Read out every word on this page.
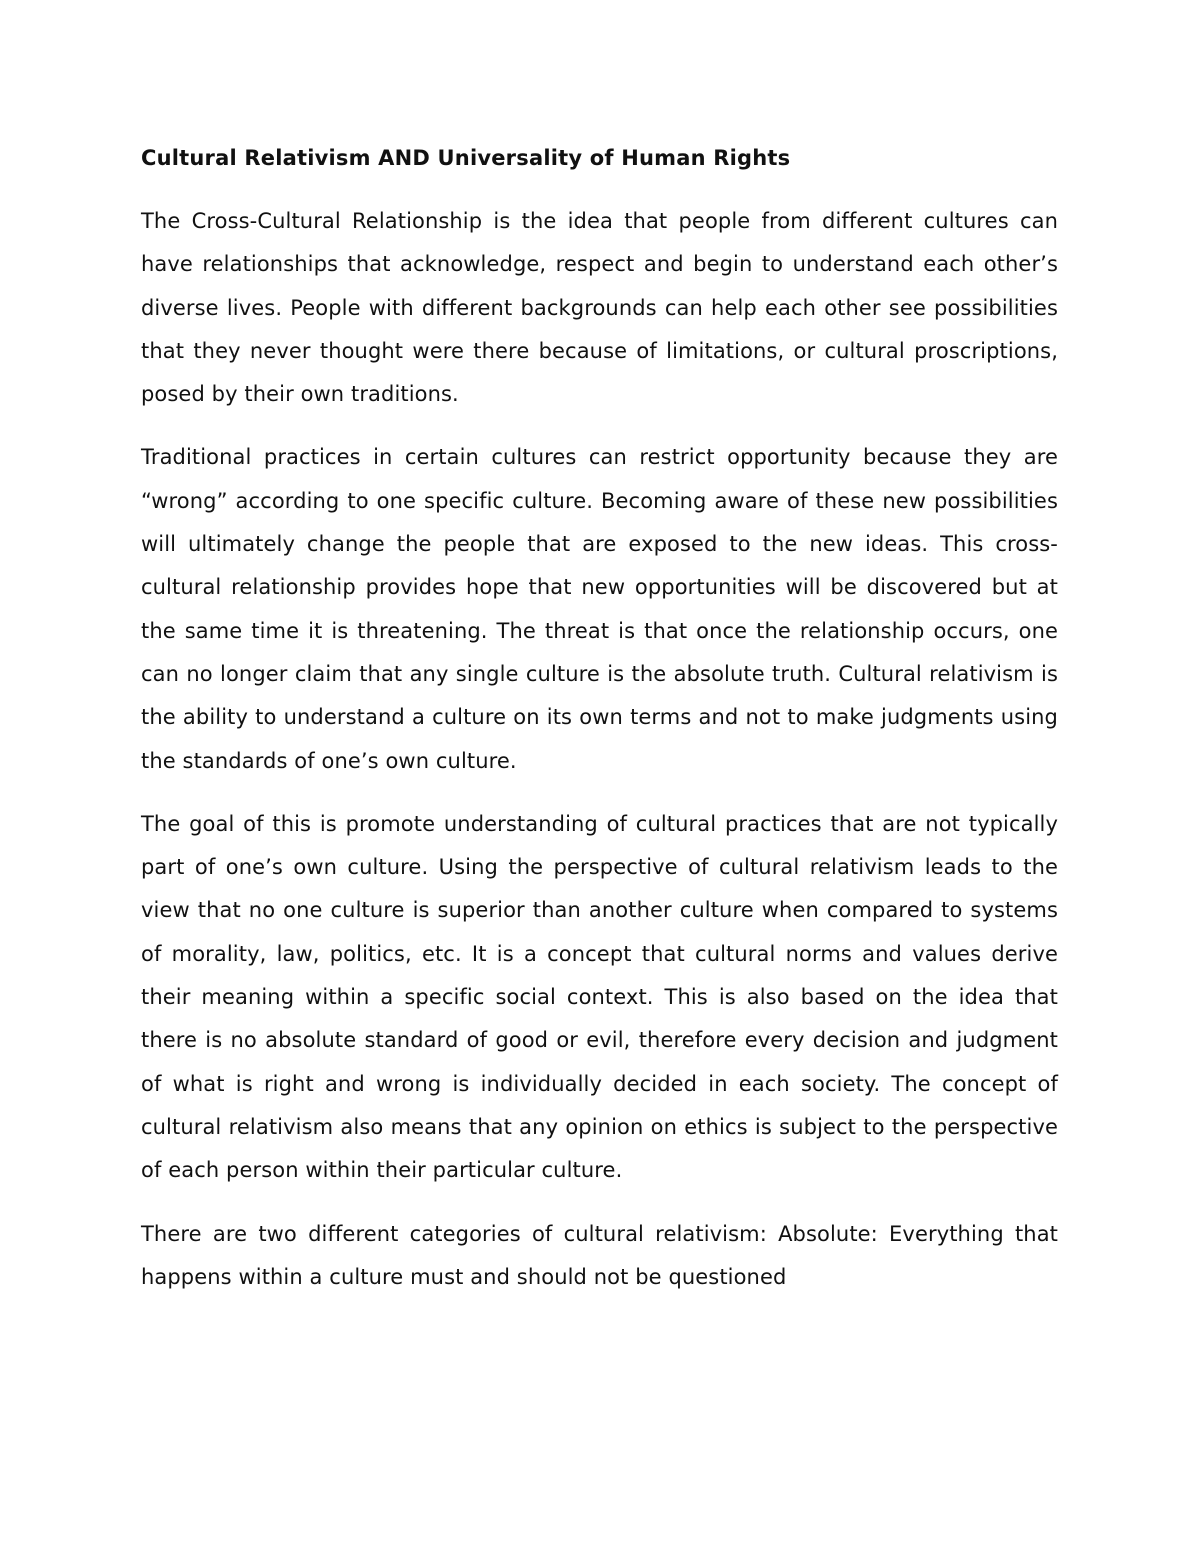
Cultural Relativism AND Universality of Human Rights

The Cross-Cultural Relationship is the idea that people from different cultures can have relationships that acknowledge, respect and begin to understand each other’s diverse lives. People with different backgrounds can help each other see possibilities that they never thought were there because of limitations, or cultural proscriptions, posed by their own traditions.

Traditional practices in certain cultures can restrict opportunity because they are “wrong” according to one specific culture. Becoming aware of these new possibilities will ultimately change the people that are exposed to the new ideas. This cross-cultural relationship provides hope that new opportunities will be discovered but at the same time it is threatening. The threat is that once the relationship occurs, one can no longer claim that any single culture is the absolute truth. Cultural relativism is the ability to understand a culture on its own terms and not to make judgments using the standards of one’s own culture.

The goal of this is promote understanding of cultural practices that are not typically part of one’s own culture. Using the perspective of cultural relativism leads to the view that no one culture is superior than another culture when compared to systems of morality, law, politics, etc. It is a concept that cultural norms and values derive their meaning within a specific social context. This is also based on the idea that there is no absolute standard of good or evil, therefore every decision and judgment of what is right and wrong is individually decided in each society. The concept of cultural relativism also means that any opinion on ethics is subject to the perspective of each person within their particular culture.

There are two different categories of cultural relativism: Absolute: Everything that happens within a culture must and should not be questioned
